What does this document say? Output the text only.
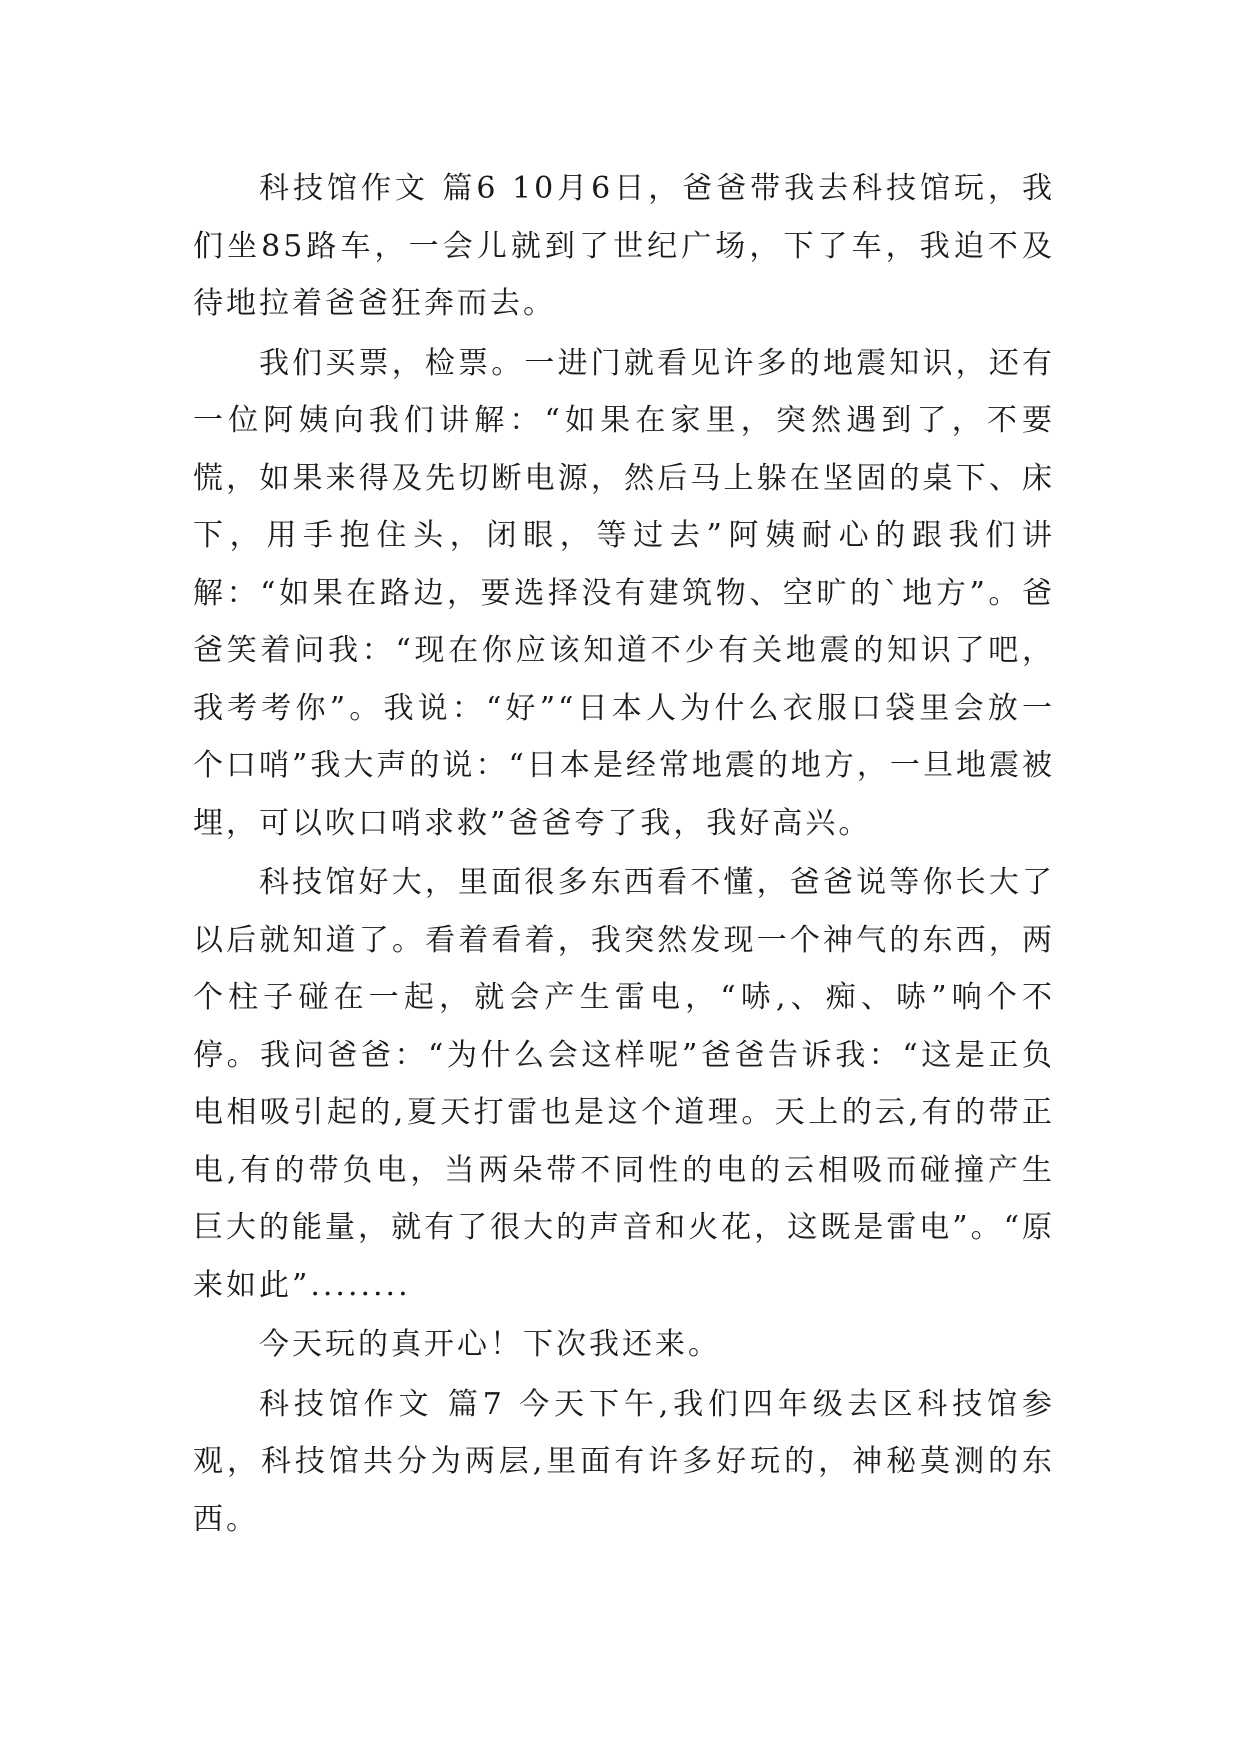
科技馆作文 篇6 10月6日，爸爸带我去科技馆玩，我们坐85路车，一会儿就到了世纪广场，下了车，我迫不及待地拉着爸爸狂奔而去。

我们买票，检票。一进门就看见许多的地震知识，还有一位阿姨向我们讲解：“如果在家里，突然遇到了，不要慌，如果来得及先切断电源，然后马上躲在坚固的桌下、床下，用手抱住头，闭眼，等过去”阿姨耐心的跟我们讲解：“如果在路边，要选择没有建筑物、空旷的`地方”。爸爸笑着问我：“现在你应该知道不少有关地震的知识了吧，我考考你”。我说：“好”“日本人为什么衣服口袋里会放一个口哨”我大声的说：“日本是经常地震的地方，一旦地震被埋，可以吹口哨求救”爸爸夸了我，我好高兴。

科技馆好大，里面很多东西看不懂，爸爸说等你长大了以后就知道了。看着看着，我突然发现一个神气的东西，两个柱子碰在一起，就会产生雷电，“哧,、痴、哧”响个不停。我问爸爸：“为什么会这样呢”爸爸告诉我：“这是正负电相吸引起的,夏天打雷也是这个道理。天上的云,有的带正电,有的带负电，当两朵带不同性的电的云相吸而碰撞产生巨大的能量，就有了很大的声音和火花，这既是雷电”。“原来如此”........

今天玩的真开心！下次我还来。

科技馆作文 篇7 今天下午,我们四年级去区科技馆参观，科技馆共分为两层,里面有许多好玩的，神秘莫测的东西。
